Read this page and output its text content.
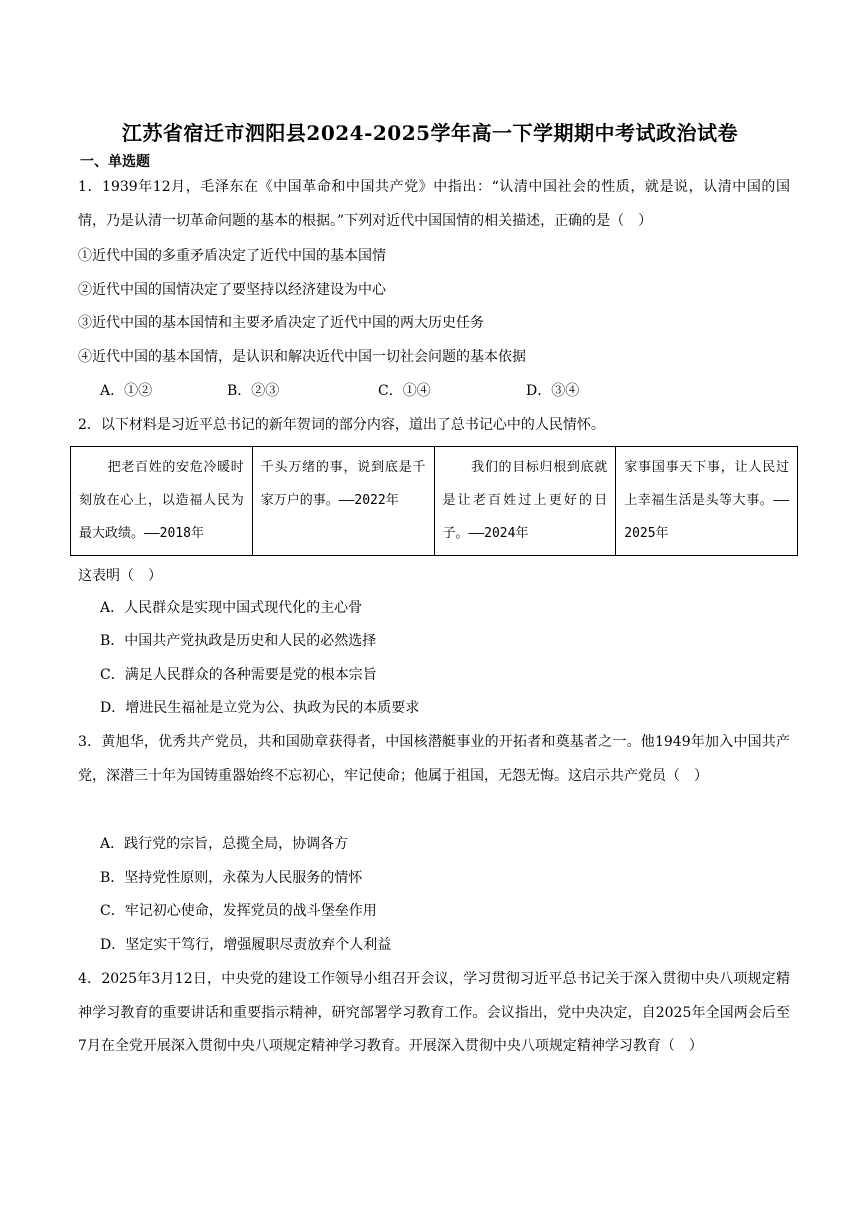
江苏省宿迁市泗阳县2024-2025学年高一下学期期中考试政治试卷
一、单选题

1．1939年12月，毛泽东在《中国革命和中国共产党》中指出：“认清中国社会的性质，就是说，认清中国的国情，乃是认清一切革命问题的基本的根据。”下列对近代中国国情的相关描述，正确的是（　）

①近代中国的多重矛盾决定了近代中国的基本国情
②近代中国的国情决定了要坚持以经济建设为中心
③近代中国的基本国情和主要矛盾决定了近代中国的两大历史任务
④近代中国的基本国情，是认识和解决近代中国一切社会问题的基本依据
A．①②	B．②③	C．①④	D．③④
2．以下材料是习近平总书记的新年贺词的部分内容，道出了总书记心中的人民情怀。
把老百姓的安危冷暖时刻放在心上，以造福人民为最大政绩。——2018年	千头万绪的事，说到底是千家万户的事。——2022年	我们的目标归根到底就是让老百姓过上更好的日子。——2024年	家事国事天下事，让人民过上幸福生活是头等大事。——2025年
这表明（　）
A．人民群众是实现中国式现代化的主心骨
B．中国共产党执政是历史和人民的必然选择
C．满足人民群众的各种需要是党的根本宗旨
D．增进民生福祉是立党为公、执政为民的本质要求

3．黄旭华，优秀共产党员，共和国勋章获得者，中国核潜艇事业的开拓者和奠基者之一。他1949年加入中国共产党，深潜三十年为国铸重器始终不忘初心，牢记使命；他属于祖国，无怨无悔。这启示共产党员（　）

A．践行党的宗旨，总揽全局，协调各方
B．坚持党性原则，永葆为人民服务的情怀
C．牢记初心使命，发挥党员的战斗堡垒作用
D．坚定实干笃行，增强履职尽责放弃个人利益

4．2025年3月12日，中央党的建设工作领导小组召开会议，学习贯彻习近平总书记关于深入贯彻中央八项规定精神学习教育的重要讲话和重要指示精神，研究部署学习教育工作。会议指出，党中央决定，自2025年全国两会后至7月在全党开展深入贯彻中央八项规定精神学习教育。开展深入贯彻中央八项规定精神学习教育（　）
